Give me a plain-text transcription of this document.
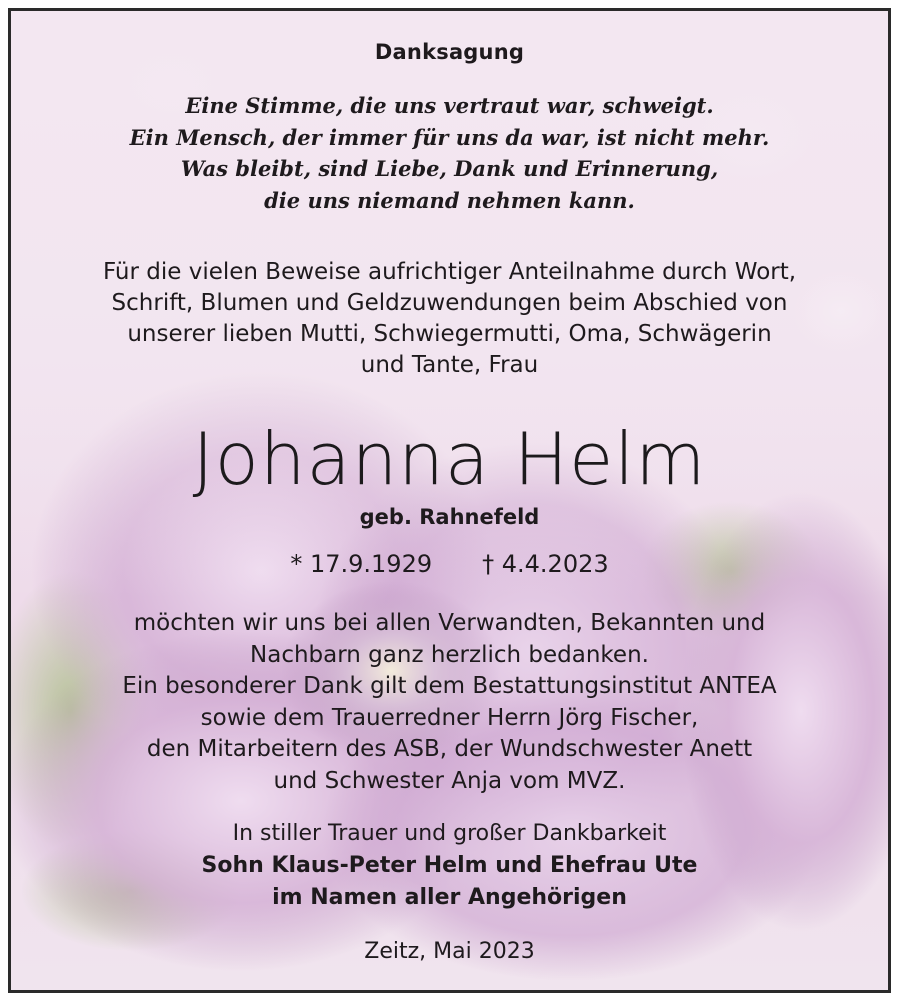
Danksagung
Eine Stimme, die uns vertraut war, schweigt.
Ein Mensch, der immer für uns da war, ist nicht mehr.
Was bleibt, sind Liebe, Dank und Erinnerung,
die uns niemand nehmen kann.
Für die vielen Beweise aufrichtiger Anteilnahme durch Wort,
Schrift, Blumen und Geldzuwendungen beim Abschied von
unserer lieben Mutti, Schwiegermutti, Oma, Schwägerin
und Tante, Frau
Johanna Helm
geb. Rahnefeld
* 17.9.1929 † 4.4.2023
möchten wir uns bei allen Verwandten, Bekannten und
Nachbarn ganz herzlich bedanken.
Ein besonderer Dank gilt dem Bestattungsinstitut ANTEA
sowie dem Trauerredner Herrn Jörg Fischer,
den Mitarbeitern des ASB, der Wundschwester Anett
und Schwester Anja vom MVZ.
In stiller Trauer und großer Dankbarkeit
Sohn Klaus-Peter Helm und Ehefrau Ute
im Namen aller Angehörigen
Zeitz, Mai 2023
